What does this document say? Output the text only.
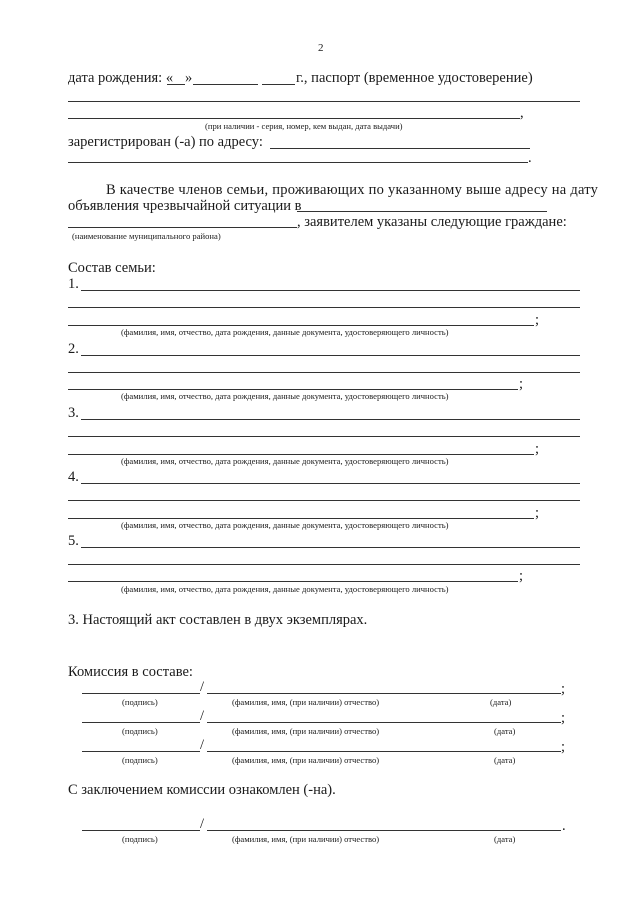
2
дата рождения: « »	г., паспорт (временное удостоверение)
,
(при наличии - серия, номер, кем выдан, дата выдачи)
зарегистрирован (-а) по адресу:
.
В качестве членов семьи, проживающих по указанному выше адресу на дату
объявления чрезвычайной ситуации в
, заявителем указаны следующие граждане:
(наименование муниципального района)
Состав семьи:
1.
;
(фамилия, имя, отчество, дата рождения, данные документа, удостоверяющего личность)
2.
;
(фамилия, имя, отчество, дата рождения, данные документа, удостоверяющего личность)
3.
;
(фамилия, имя, отчество, дата рождения, данные документа, удостоверяющего личность)
4.
;
(фамилия, имя, отчество, дата рождения, данные документа, удостоверяющего личность)
5.
;
(фамилия, имя, отчество, дата рождения, данные документа, удостоверяющего личность)
3. Настоящий акт составлен в двух экземплярах.
Комиссия в составе:
/	;
(подпись)	(фамилия, имя, (при наличии) отчество)	(дата)
/	;
(подпись)	(фамилия, имя, (при наличии) отчество)	(дата)
/	;
(подпись)	(фамилия, имя, (при наличии) отчество)	(дата)
С заключением комиссии ознакомлен (-на).
/	.
(подпись)	(фамилия, имя, (при наличии) отчество)	(дата)
